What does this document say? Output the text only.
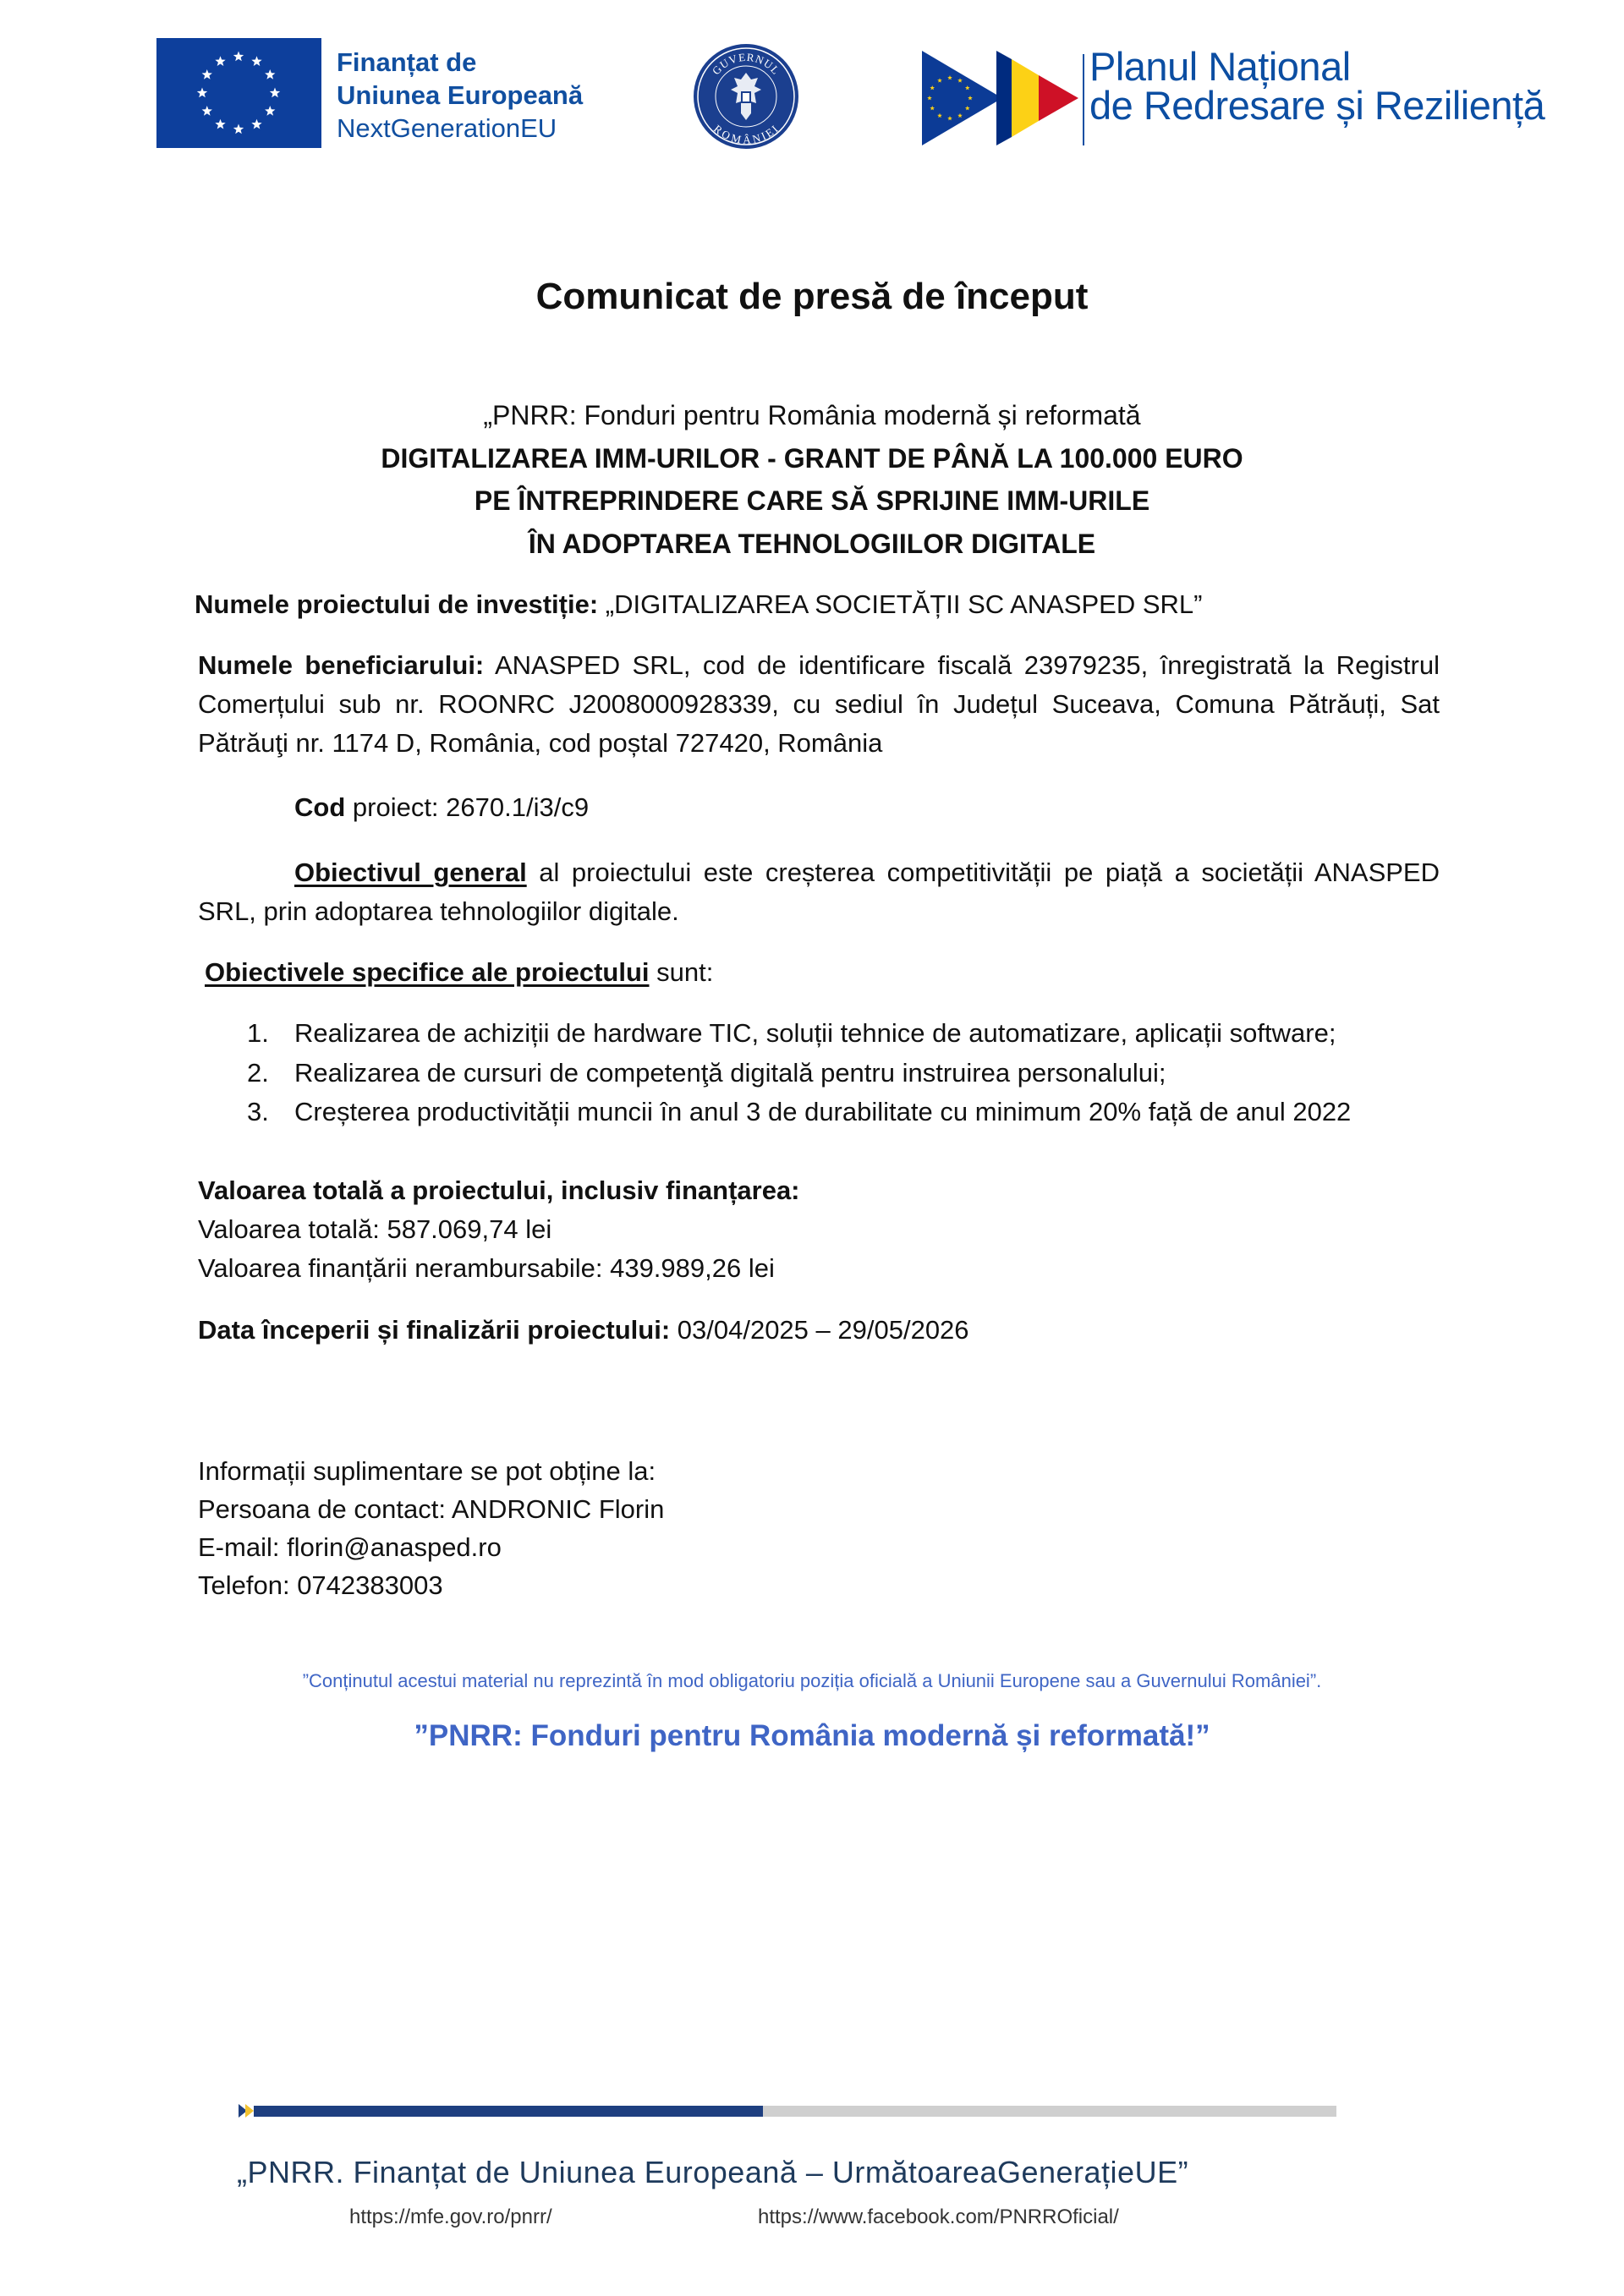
Finanțat de
Uniunea Europeană
NextGenerationEU
GUVERNUL
ROMÂNIEI
Planul Național
de Redresare și Reziliență
Comunicat de presă de început
„PNRR: Fonduri pentru România modernă și reformată
DIGITALIZAREA IMM-URILOR - GRANT DE PÂNĂ LA 100.000 EURO
PE ÎNTREPRINDERE CARE SĂ SPRIJINE IMM-URILE
ÎN ADOPTAREA TEHNOLOGIILOR DIGITALE
Numele proiectului de investiție: „DIGITALIZAREA SOCIETĂȚII SC ANASPED SRL”
Numele beneficiarului: ANASPED SRL, cod de identificare fiscală 23979235, înregistrată la Registrul Comerțului sub nr. ROONRC J2008000928339, cu sediul în Județul Suceava, Comuna Pătrăuți, Sat Pătrăuţi nr. 1174 D, România, cod poștal 727420, România
Cod proiect: 2670.1/i3/c9
Obiectivul general al proiectului este creșterea competitivității pe piață a societății ANASPED SRL, prin adoptarea tehnologiilor digitale.
Obiectivele specifice ale proiectului sunt:
1. Realizarea de achiziții de hardware TIC, soluții tehnice de automatizare, aplicații software;
2. Realizarea de cursuri de competenţă digitală pentru instruirea personalului;
3. Creșterea productivității muncii în anul 3 de durabilitate cu minimum 20% față de anul 2022
Valoarea totală a proiectului, inclusiv finanțarea:
Valoarea totală: 587.069,74 lei
Valoarea finanțării nerambursabile: 439.989,26 lei
Data începerii și finalizării proiectului: 03/04/2025 – 29/05/2026
Informații suplimentare se pot obține la:
Persoana de contact: ANDRONIC Florin
E-mail: florin@anasped.ro
Telefon: 0742383003
”Conținutul acestui material nu reprezintă în mod obligatoriu poziția oficială a Uniunii Europene sau a Guvernului României”.
”PNRR: Fonduri pentru România modernă și reformată!”
„PNRR. Finanțat de Uniunea Europeană – UrmătoareaGenerațieUE”
https://mfe.gov.ro/pnrr/	https://www.facebook.com/PNRROficial/
